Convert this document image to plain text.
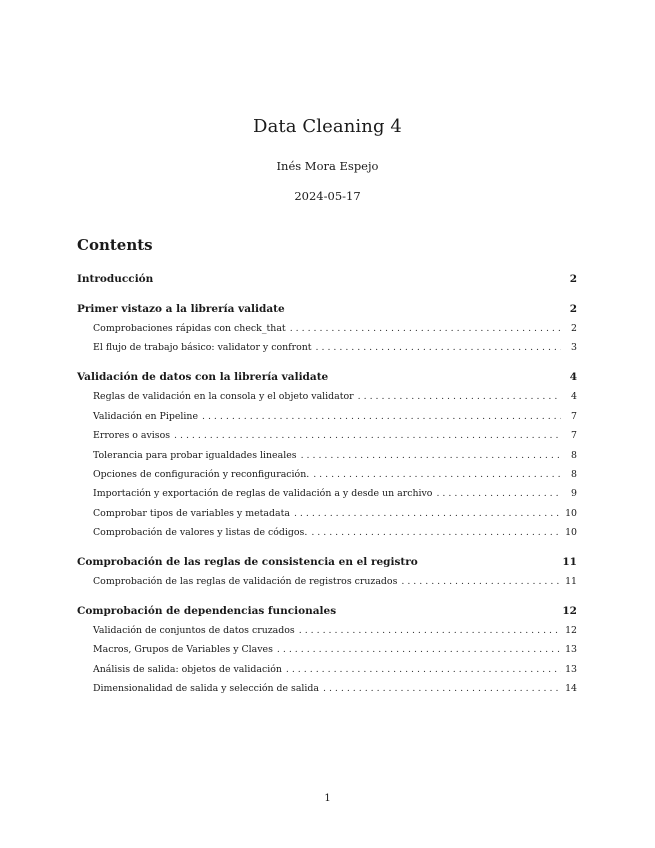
Data Cleaning 4
Inés Mora Espejo
2024-05-17
Contents
Introducción	2
Primer vistazo a la librería validate	2
Comprobaciones rápidas con check_that . . .	2
El flujo de trabajo básico: validator y confront . . .	3
Validación de datos con la librería validate	4
Reglas de validación en la consola y el objeto validator . . .	4
Validación en Pipeline . . .	7
Errores o avisos . . .	7
Tolerancia para probar igualdades lineales . . .	8
Opciones de configuración y reconfiguración. . . .	8
Importación y exportación de reglas de validación a y desde un archivo . . .	9
Comprobar tipos de variables y metadata . . .	10
Comprobación de valores y listas de códigos. . . .	10
Comprobación de las reglas de consistencia en el registro	11
Comprobación de las reglas de validación de registros cruzados . . .	11
Comprobación de dependencias funcionales	12
Validación de conjuntos de datos cruzados . . .	12
Macros, Grupos de Variables y Claves . . .	13
Análisis de salida: objetos de validación . . .	13
Dimensionalidad de salida y selección de salida . . .	14
1
